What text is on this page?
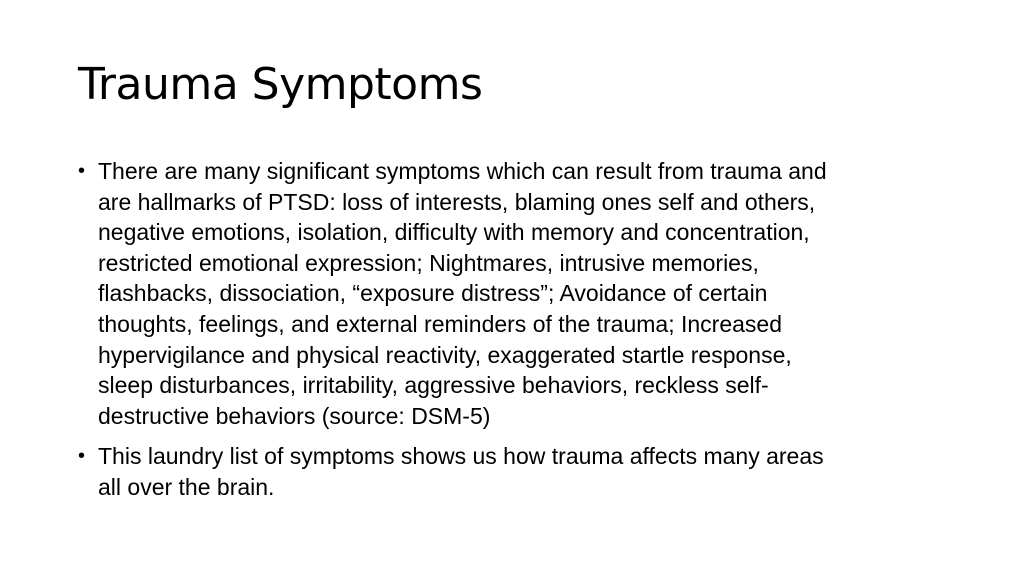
Trauma Symptoms
• There are many significant symptoms which can result from trauma and
are hallmarks of PTSD: loss of interests, blaming ones self and others,
negative emotions, isolation, difficulty with memory and concentration,
restricted emotional expression; Nightmares, intrusive memories,
flashbacks, dissociation, “exposure distress”; Avoidance of certain
thoughts, feelings, and external reminders of the trauma; Increased
hypervigilance and physical reactivity, exaggerated startle response,
sleep disturbances, irritability, aggressive behaviors, reckless self-
destructive behaviors (source: DSM-5)
• This laundry list of symptoms shows us how trauma affects many areas
all over the brain.
